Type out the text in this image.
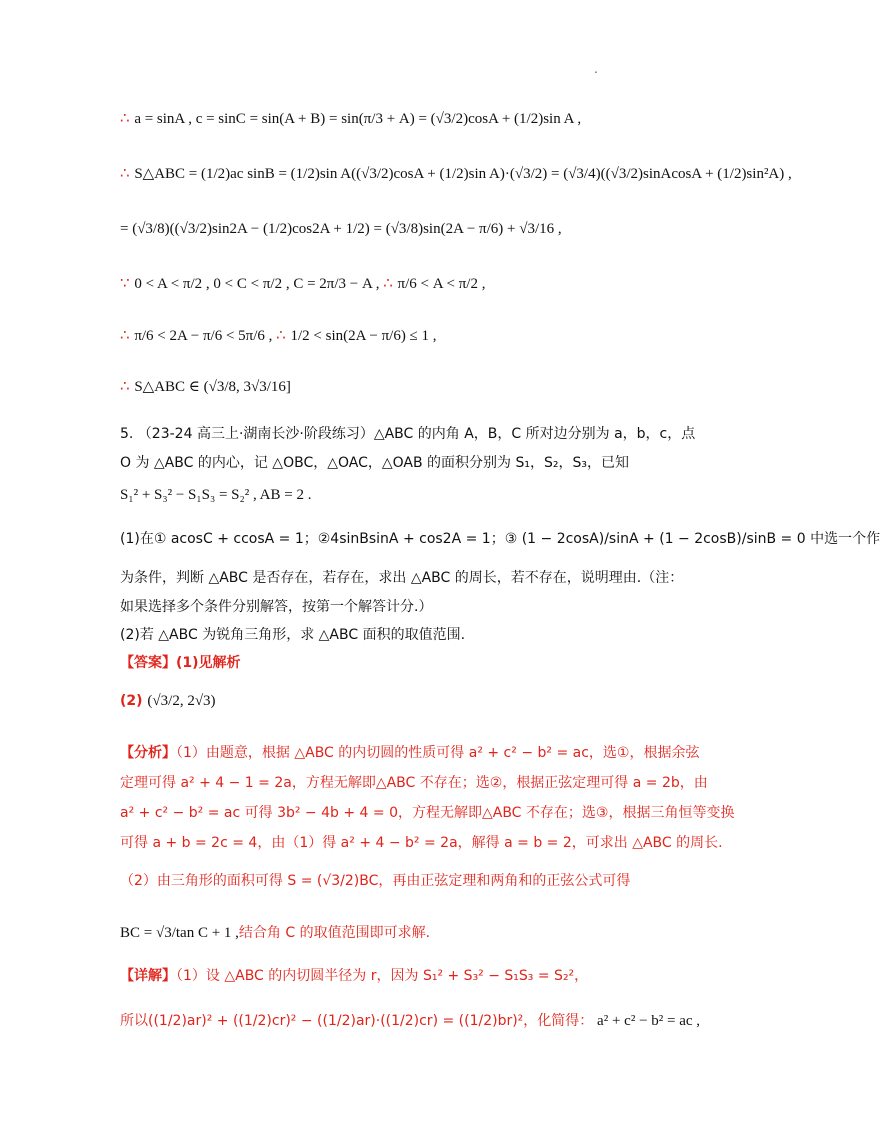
.
∴ a = sinA , c = sinC = sin(A + B) = sin(π/3 + A) = (√3/2)cosA + (1/2)sin A ,
∴ S△ABC = (1/2)ac sinB = (1/2)sin A((√3/2)cosA + (1/2)sin A)·(√3/2) = (√3/4)((√3/2)sinAcosA + (1/2)sin²A) ,
= (√3/8)((√3/2)sin2A − (1/2)cos2A + 1/2) = (√3/8)sin(2A − π/6) + √3/16 ,
∵ 0 < A < π/2 , 0 < C < π/2 , C = 2π/3 − A , ∴ π/6 < A < π/2 ,
∴ π/6 < 2A − π/6 < 5π/6 , ∴ 1/2 < sin(2A − π/6) ≤ 1 ,
∴ S△ABC ∈ (√3/8, 3√3/16]
5. （23-24 高三上·湖南长沙·阶段练习）△ABC 的内角 A，B，C 所对边分别为 a，b，c，点
O 为 △ABC 的内心，记 △OBC，△OAC，△OAB 的面积分别为 S₁，S₂，S₃，已知
S₁² + S₃² − S₁S₃ = S₂² , AB = 2 .
(1)在① acosC + ccosA = 1；②4sinBsinA + cos2A = 1；③ (1 − 2cosA)/sinA + (1 − 2cosB)/sinB = 0 中选一个作
为条件，判断 △ABC 是否存在，若存在，求出 △ABC 的周长，若不存在，说明理由.（注：
如果选择多个条件分别解答，按第一个解答计分.）
(2)若 △ABC 为锐角三角形，求 △ABC 面积的取值范围.
【答案】(1)见解析
(2) (√3/2, 2√3)
【分析】（1）由题意，根据 △ABC 的内切圆的性质可得 a² + c² − b² = ac，选①，根据余弦
定理可得 a² + 4 − 1 = 2a，方程无解即△ABC 不存在；选②，根据正弦定理可得 a = 2b，由
a² + c² − b² = ac 可得 3b² − 4b + 4 = 0，方程无解即△ABC 不存在；选③，根据三角恒等变换
可得 a + b = 2c = 4，由（1）得 a² + 4 − b² = 2a，解得 a = b = 2，可求出 △ABC 的周长.
（2）由三角形的面积可得 S = (√3/2)BC，再由正弦定理和两角和的正弦公式可得
BC = √3/tan C + 1 ,结合角 C 的取值范围即可求解.
【详解】（1）设 △ABC 的内切圆半径为 r，因为 S₁² + S₃² − S₁S₃ = S₂²，
所以((1/2)ar)² + ((1/2)cr)² − ((1/2)ar)·((1/2)cr) = ((1/2)br)²，化简得： a² + c² − b² = ac ,
